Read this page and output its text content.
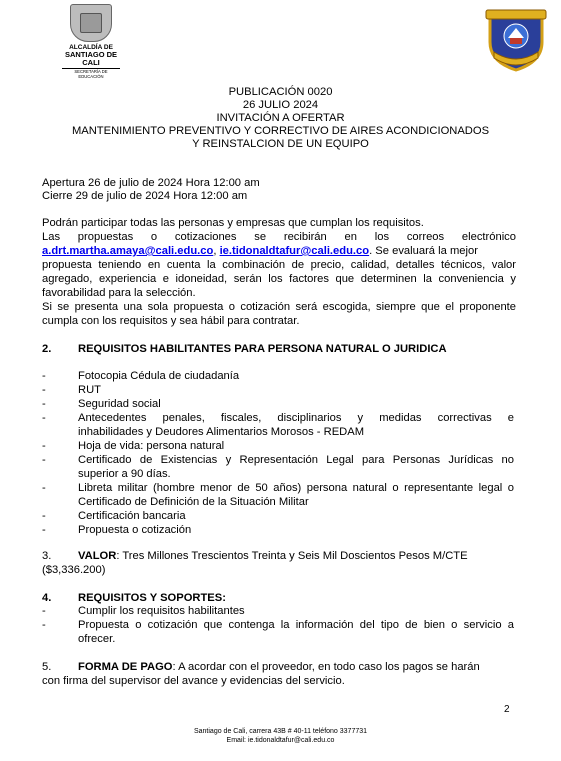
ALCALDÍA DE
SANTIAGO DE CALI
SECRETARÍA DE EDUCACIÓN
PUBLICACIÓN 0020
26 JULIO 2024
INVITACIÓN A OFERTAR
MANTENIMIENTO PREVENTIVO Y CORRECTIVO DE AIRES ACONDICIONADOS
Y REINSTALCION DE UN EQUIPO
Apertura 26 de julio de 2024 Hora 12:00 am
Cierre 29 de julio de 2024 Hora 12:00 am
Podrán participar todas las personas y empresas que cumplan los requisitos.
Las propuestas o cotizaciones se recibirán en los correos electrónico
a.drt.martha.amaya@cali.edu.co, ie.tidonaldtafur@cali.edu.co. Se evaluará la mejor
propuesta teniendo en cuenta la combinación de precio, calidad, detalles técnicos, valor
agregado, experiencia e idoneidad, serán los factores que determinen la conveniencia y
favorabilidad para la selección.
Si se presenta una sola propuesta o cotización será escogida, siempre que el proponente
cumpla con los requisitos y sea hábil para contratar.
2. REQUISITOS HABILITANTES PARA PERSONA NATURAL O JURIDICA
-	Fotocopia Cédula de ciudadanía
-	RUT
-	Seguridad social
-	Antecedentes penales, fiscales, disciplinarios y medidas correctivas e
inhabilidades y Deudores Alimentarios Morosos - REDAM
-	Hoja de vida: persona natural
-	Certificado de Existencias y Representación Legal para Personas Jurídicas no
superior a 90 días.
-	Libreta militar (hombre menor de 50 años) persona natural o representante legal o
Certificado de Definición de la Situación Militar
-	Certificación bancaria
-	Propuesta o cotización
3. VALOR: Tres Millones Trescientos Treinta y Seis Mil Doscientos Pesos M/CTE
($3,336.200)
4. REQUISITOS Y SOPORTES:
-	Cumplir los requisitos habilitantes
-	Propuesta o cotización que contenga la información del tipo de bien o servicio a
ofrecer.
5. FORMA DE PAGO: A acordar con el proveedor, en todo caso los pagos se harán
con firma del supervisor del avance y evidencias del servicio.
2
Santiago de Cali, carrera 43B # 40-11 teléfono 3377731
Email: ie.tidonaldtafur@cali.edu.co
